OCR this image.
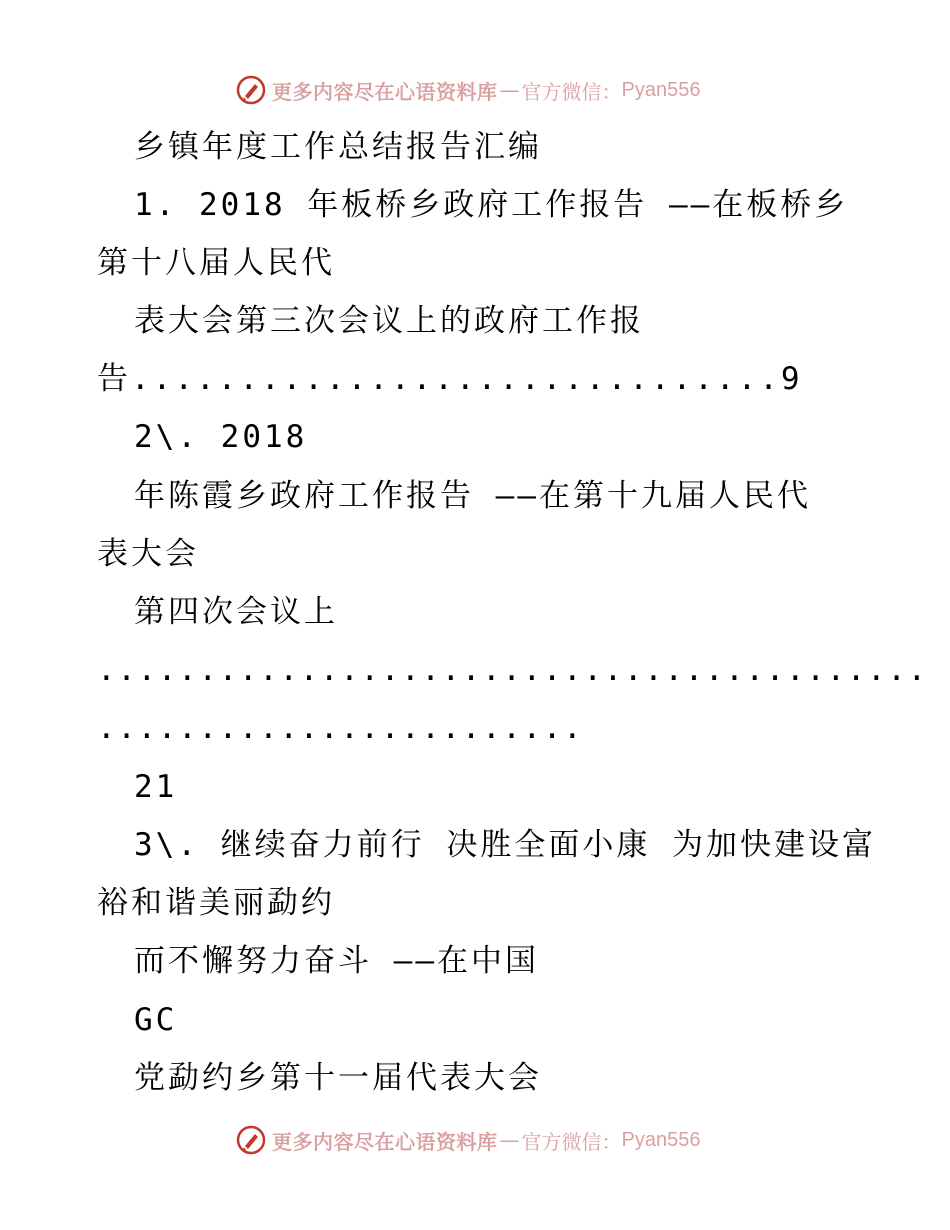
更多内容尽在心语资料库 — 官方微信： Pyan556
乡镇年度工作总结报告汇编
1. 2018 年板桥乡政府工作报告 ——在板桥乡
第十八届人民代
表大会第三次会议上的政府工作报
告..............................9
2\. 2018
年陈霞乡政府工作报告 ——在第十九届人民代
表大会
第四次会议上
.........................................
........................
21
3\. 继续奋力前行 决胜全面小康 为加快建设富
裕和谐美丽勐约
而不懈努力奋斗 ——在中国
GC
党勐约乡第十一届代表大会
更多内容尽在心语资料库 — 官方微信： Pyan556
